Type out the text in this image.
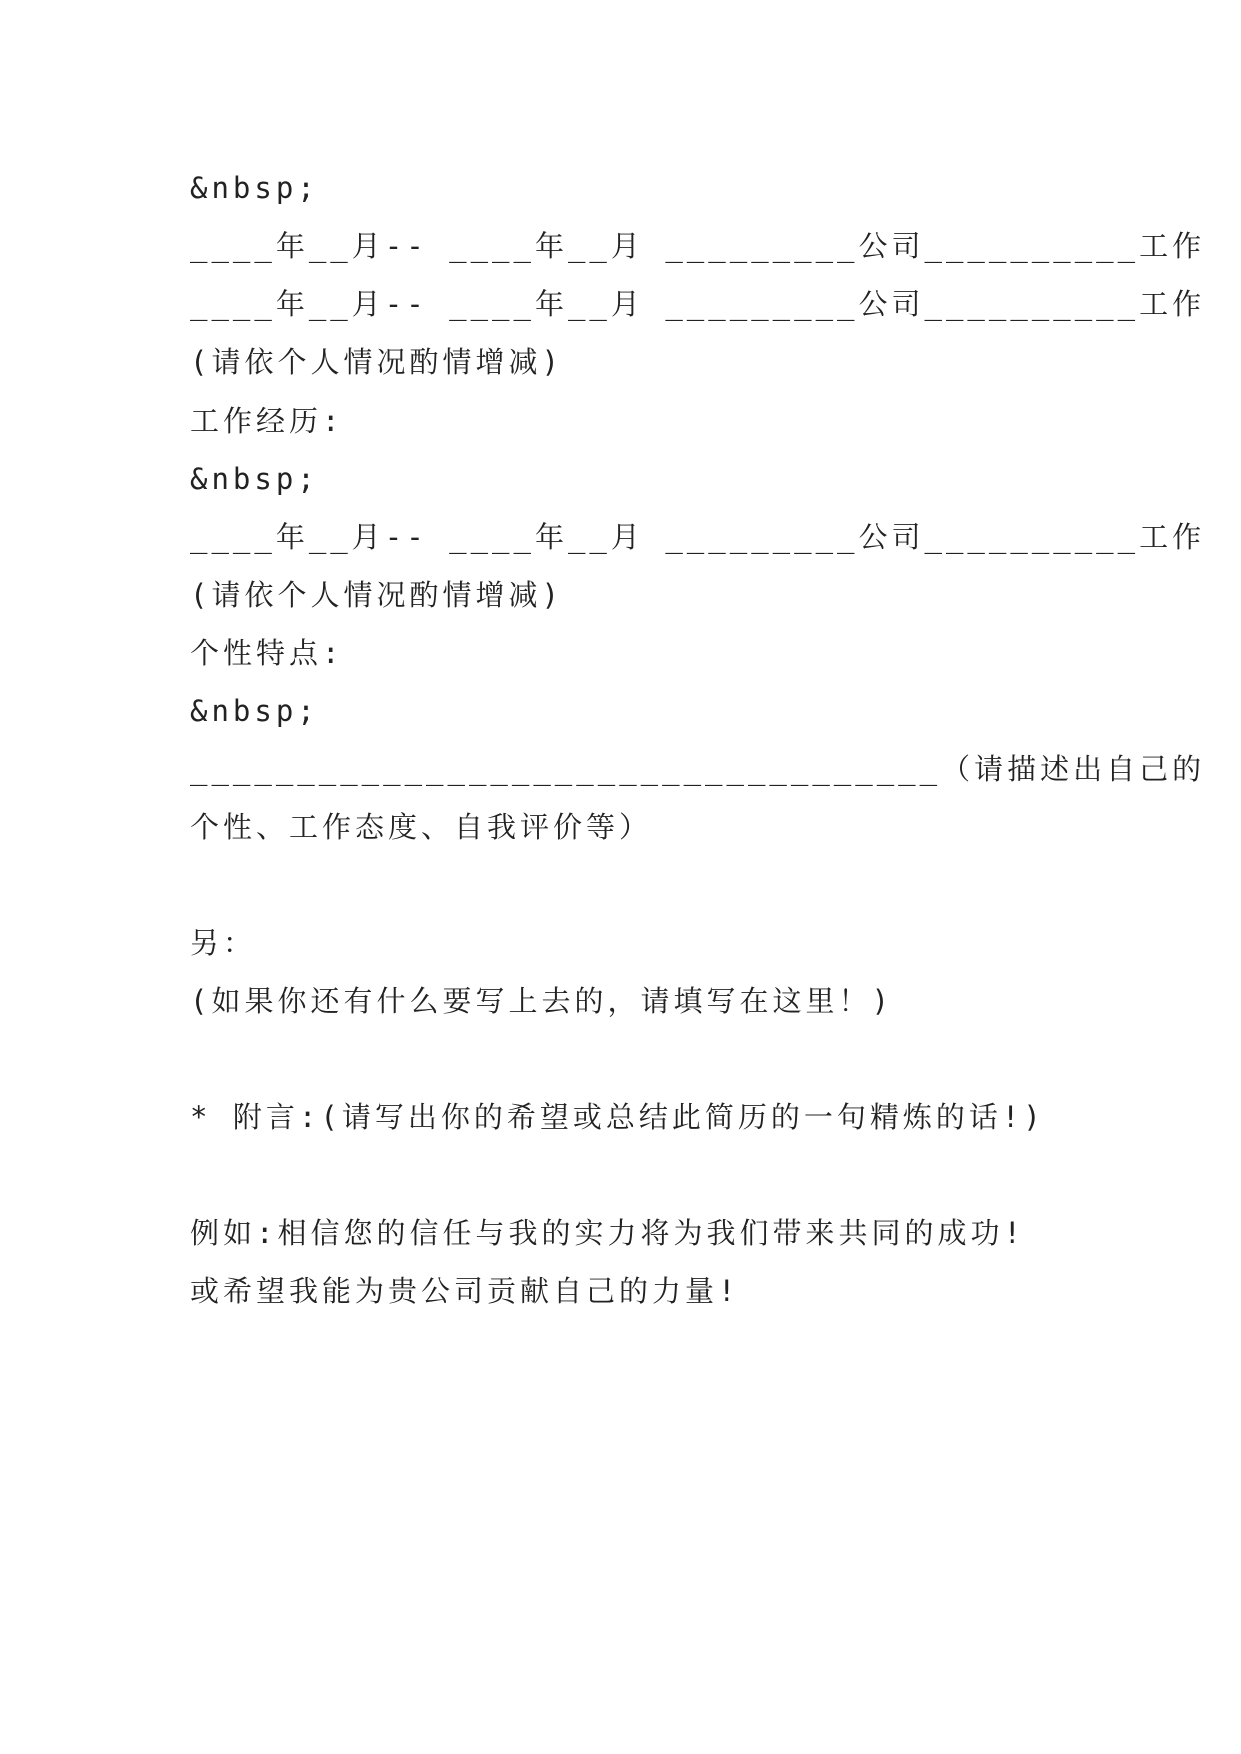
&nbsp;
____年__月-- ____年__月 _________公司__________工作
____年__月-- ____年__月 _________公司__________工作
(请依个人情况酌情增减)
工作经历:
&nbsp;
____年__月-- ____年__月 _________公司__________工作
(请依个人情况酌情增减)
个性特点:
&nbsp;
___________________________________（请描述出自己的
个性、工作态度、自我评价等）
另：
(如果你还有什么要写上去的，请填写在这里！)
* 附言:(请写出你的希望或总结此简历的一句精炼的话!)
例如:相信您的信任与我的实力将为我们带来共同的成功!
或希望我能为贵公司贡献自己的力量!
